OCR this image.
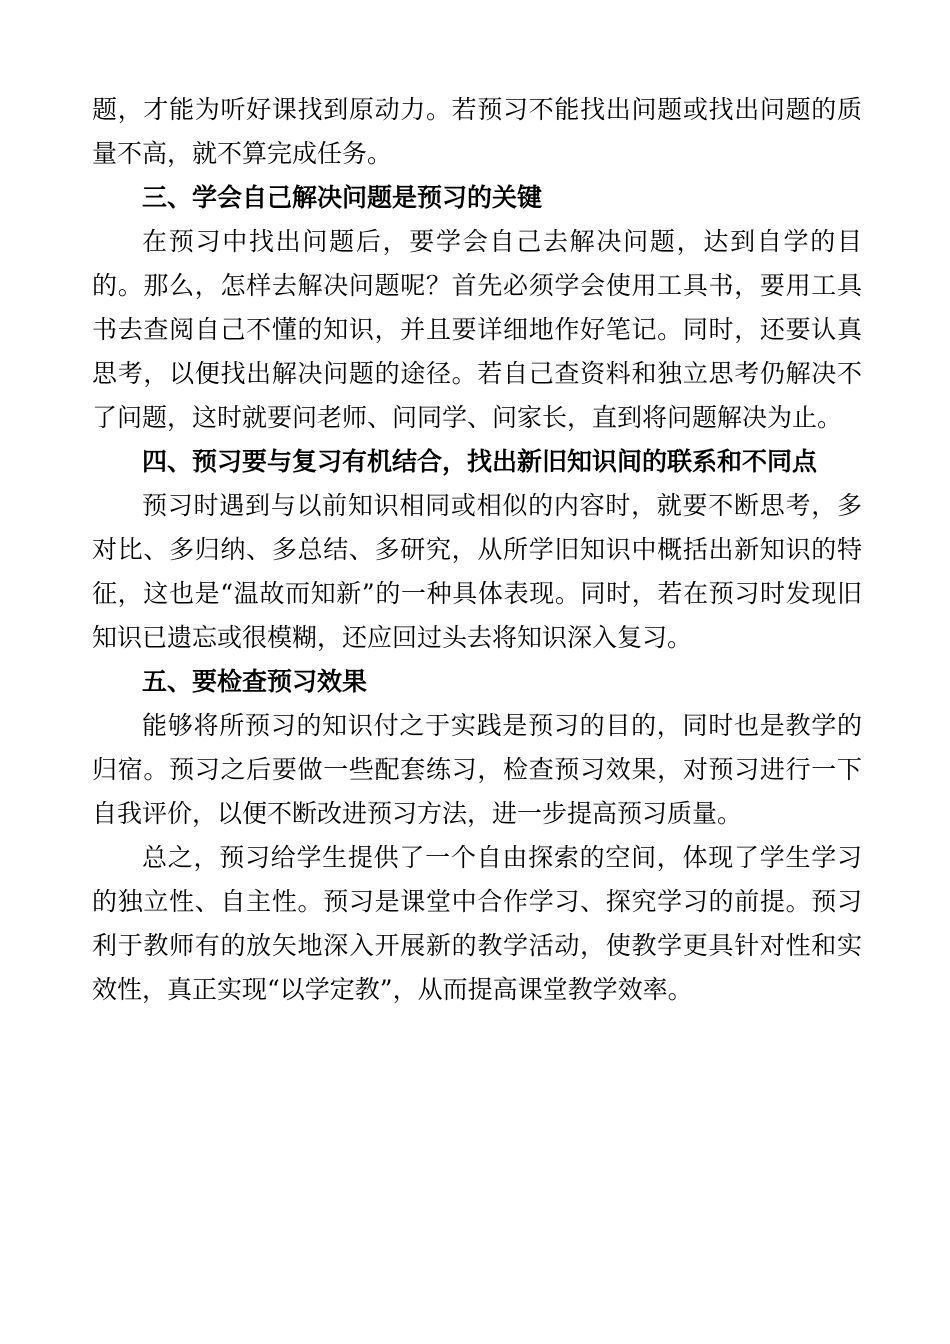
题，才能为听好课找到原动力。若预习不能找出问题或找出问题的质量不高，就不算完成任务。

三、学会自己解决问题是预习的关键

在预习中找出问题后，要学会自己去解决问题，达到自学的目的。那么，怎样去解决问题呢？首先必须学会使用工具书，要用工具书去查阅自己不懂的知识，并且要详细地作好笔记。同时，还要认真思考，以便找出解决问题的途径。若自己查资料和独立思考仍解决不了问题，这时就要问老师、问同学、问家长，直到将问题解决为止。

四、预习要与复习有机结合，找出新旧知识间的联系和不同点

预习时遇到与以前知识相同或相似的内容时，就要不断思考，多对比、多归纳、多总结、多研究，从所学旧知识中概括出新知识的特征，这也是“温故而知新”的一种具体表现。同时，若在预习时发现旧知识已遗忘或很模糊，还应回过头去将知识深入复习。

五、要检查预习效果

能够将所预习的知识付之于实践是预习的目的，同时也是教学的归宿。预习之后要做一些配套练习，检查预习效果，对预习进行一下自我评价，以便不断改进预习方法，进一步提高预习质量。

总之，预习给学生提供了一个自由探索的空间，体现了学生学习的独立性、自主性。预习是课堂中合作学习、探究学习的前提。预习利于教师有的放矢地深入开展新的教学活动，使教学更具针对性和实效性，真正实现“以学定教”，从而提高课堂教学效率。
